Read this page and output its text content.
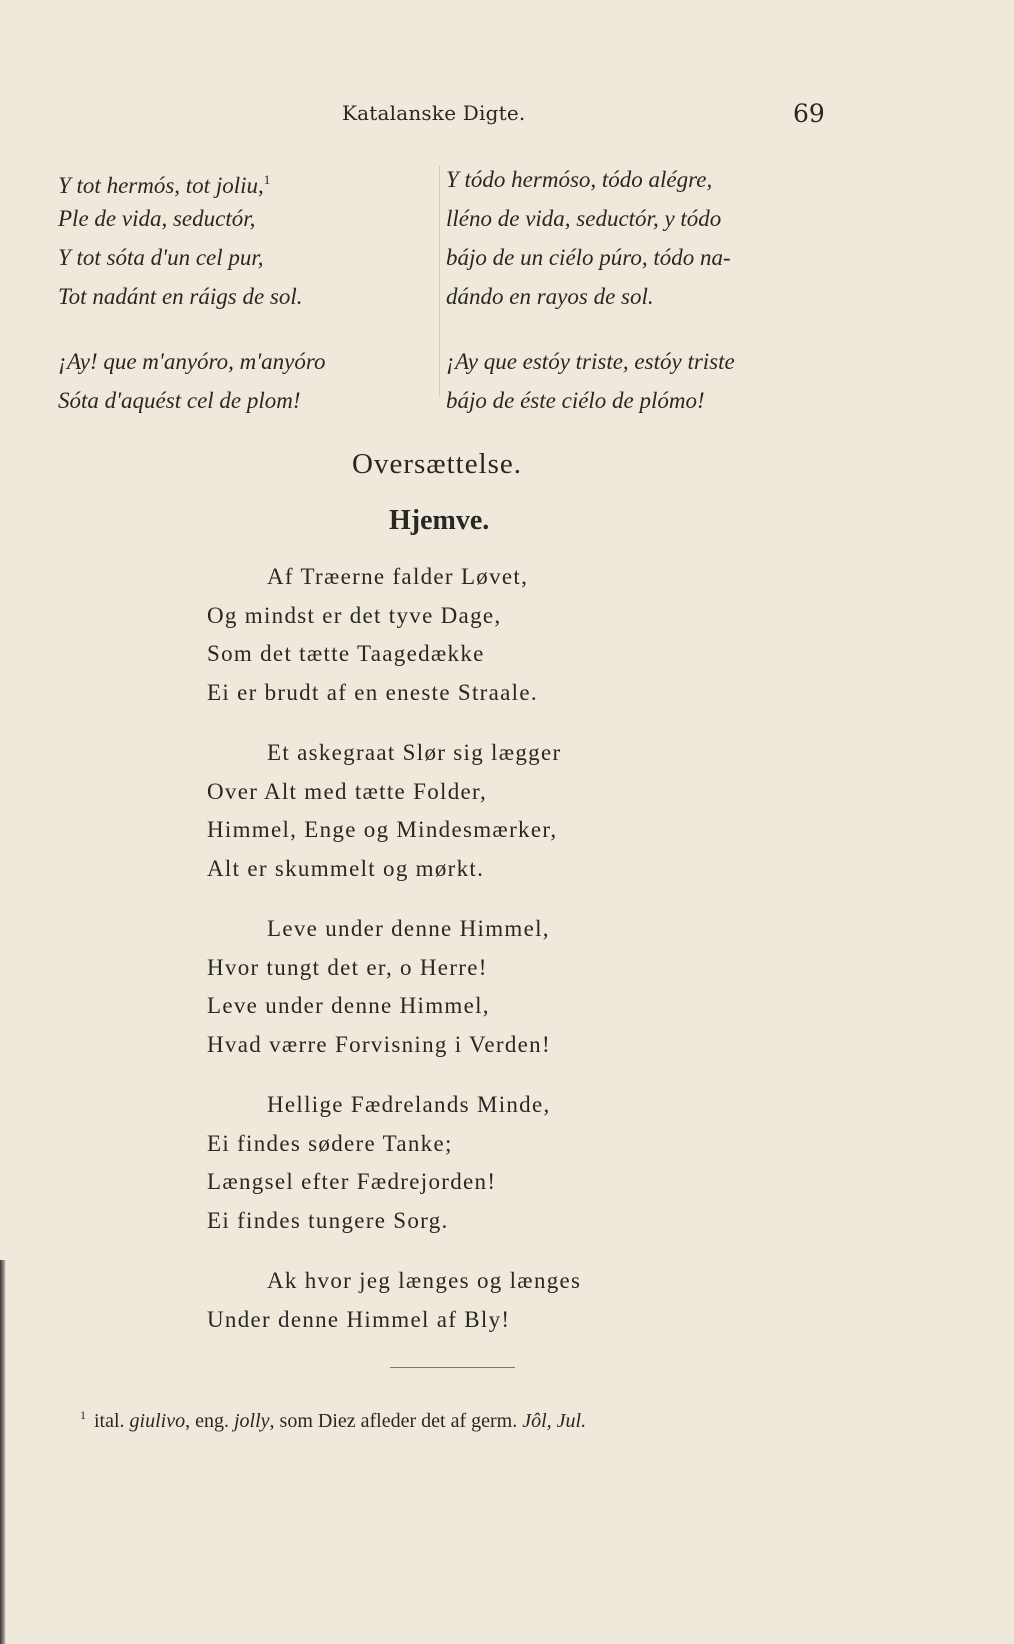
Katalanske Digte.	69
Y tot hermós, tot joliu,$^1$
Ple de vida, seductór,
Y tot sóta d'un cel pur,
Tot nadánt en ráigs de sol.
¡Ay! que m'anyóro, m'anyóro
Sóta d'aquést cel de plom!
Y tódo hermóso, tódo alégre,
lléno de vida, seductór, y tódo
bájo de un ciélo púro, tódo na-
dándo en rayos de sol.
¡Ay que estóy triste, estóy triste
bájo de éste ciélo de plómo!
Oversættelse.
Hjemve.
Af Træerne falder Løvet,
Og mindst er det tyve Dage,
Som det tætte Taagedække
Ei er brudt af en eneste Straale.
Et askegraat Slør sig lægger
Over Alt med tætte Folder,
Himmel, Enge og Mindesmærker,
Alt er skummelt og mørkt.
Leve under denne Himmel,
Hvor tungt det er, o Herre!
Leve under denne Himmel,
Hvad værre Forvisning i Verden!
Hellige Fædrelands Minde,
Ei findes sødere Tanke;
Længsel efter Fædrejorden!
Ei findes tungere Sorg.
Ak hvor jeg længes og længes
Under denne Himmel af Bly!
$^1$ ital. giulivo, eng. jolly, som Diez afleder det af germ. Jôl, Jul.
